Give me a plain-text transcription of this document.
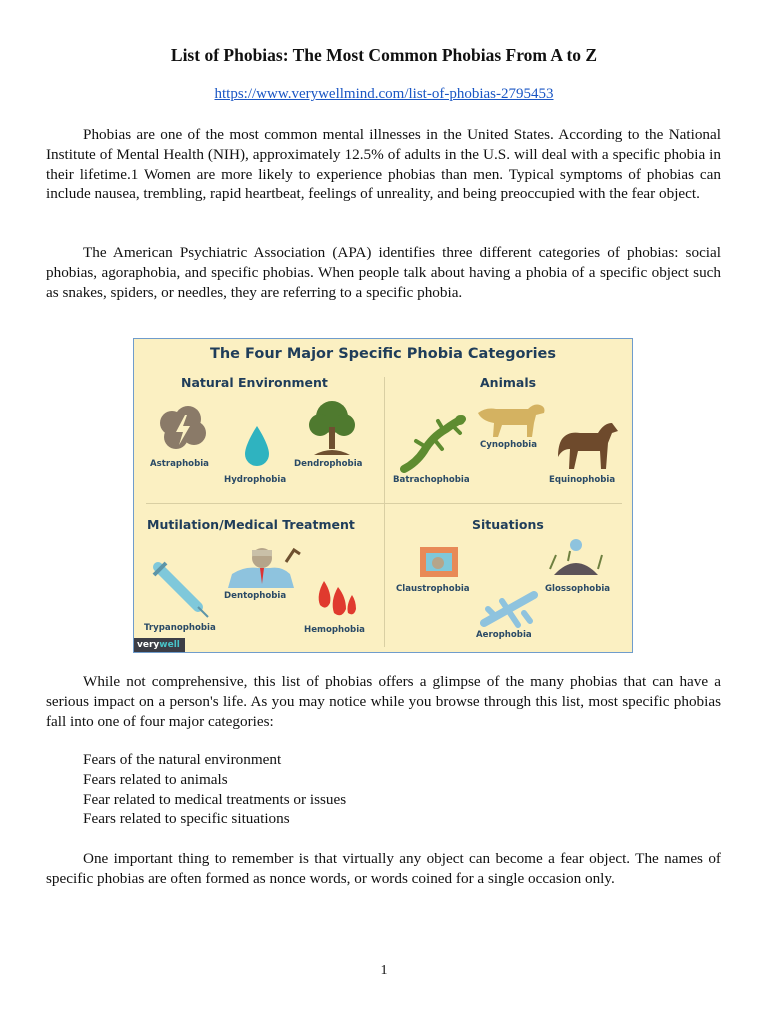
List of Phobias: The Most Common Phobias From A to Z
https://www.verywellmind.com/list-of-phobias-2795453
Phobias are one of the most common mental illnesses in the United States. According to the National Institute of Mental Health (NIH), approximately 12.5% of adults in the U.S. will deal with a specific phobia in their lifetime.1 Women are more likely to experience phobias than men. Typical symptoms of phobias can include nausea, trembling, rapid heartbeat, feelings of unreality, and being preoccupied with the fear object.
The American Psychiatric Association (APA) identifies three different categories of phobias: social phobias, agoraphobia, and specific phobias. When people talk about having a phobia of a specific object such as snakes, spiders, or needles, they are referring to a specific phobia.
The Four Major Specific Phobia Categories
Natural Environment	Animals
Mutilation/Medical Treatment	Situations
Astraphobia
Hydrophobia
Dendrophobia
Cynophobia
Batrachophobia	Equinophobia
Dentophobia
Trypanophobia	Hemophobia
Claustrophobia	Glossophobia
Aerophobia
verywell
While not comprehensive, this list of phobias offers a glimpse of the many phobias that can have a serious impact on a person's life. As you may notice while you browse through this list, most specific phobias fall into one of four major categories:
Fears of the natural environment
Fears related to animals
Fear related to medical treatments or issues
Fears related to specific situations
One important thing to remember is that virtually any object can become a fear object. The names of specific phobias are often formed as nonce words, or words coined for a single occasion only.
1
